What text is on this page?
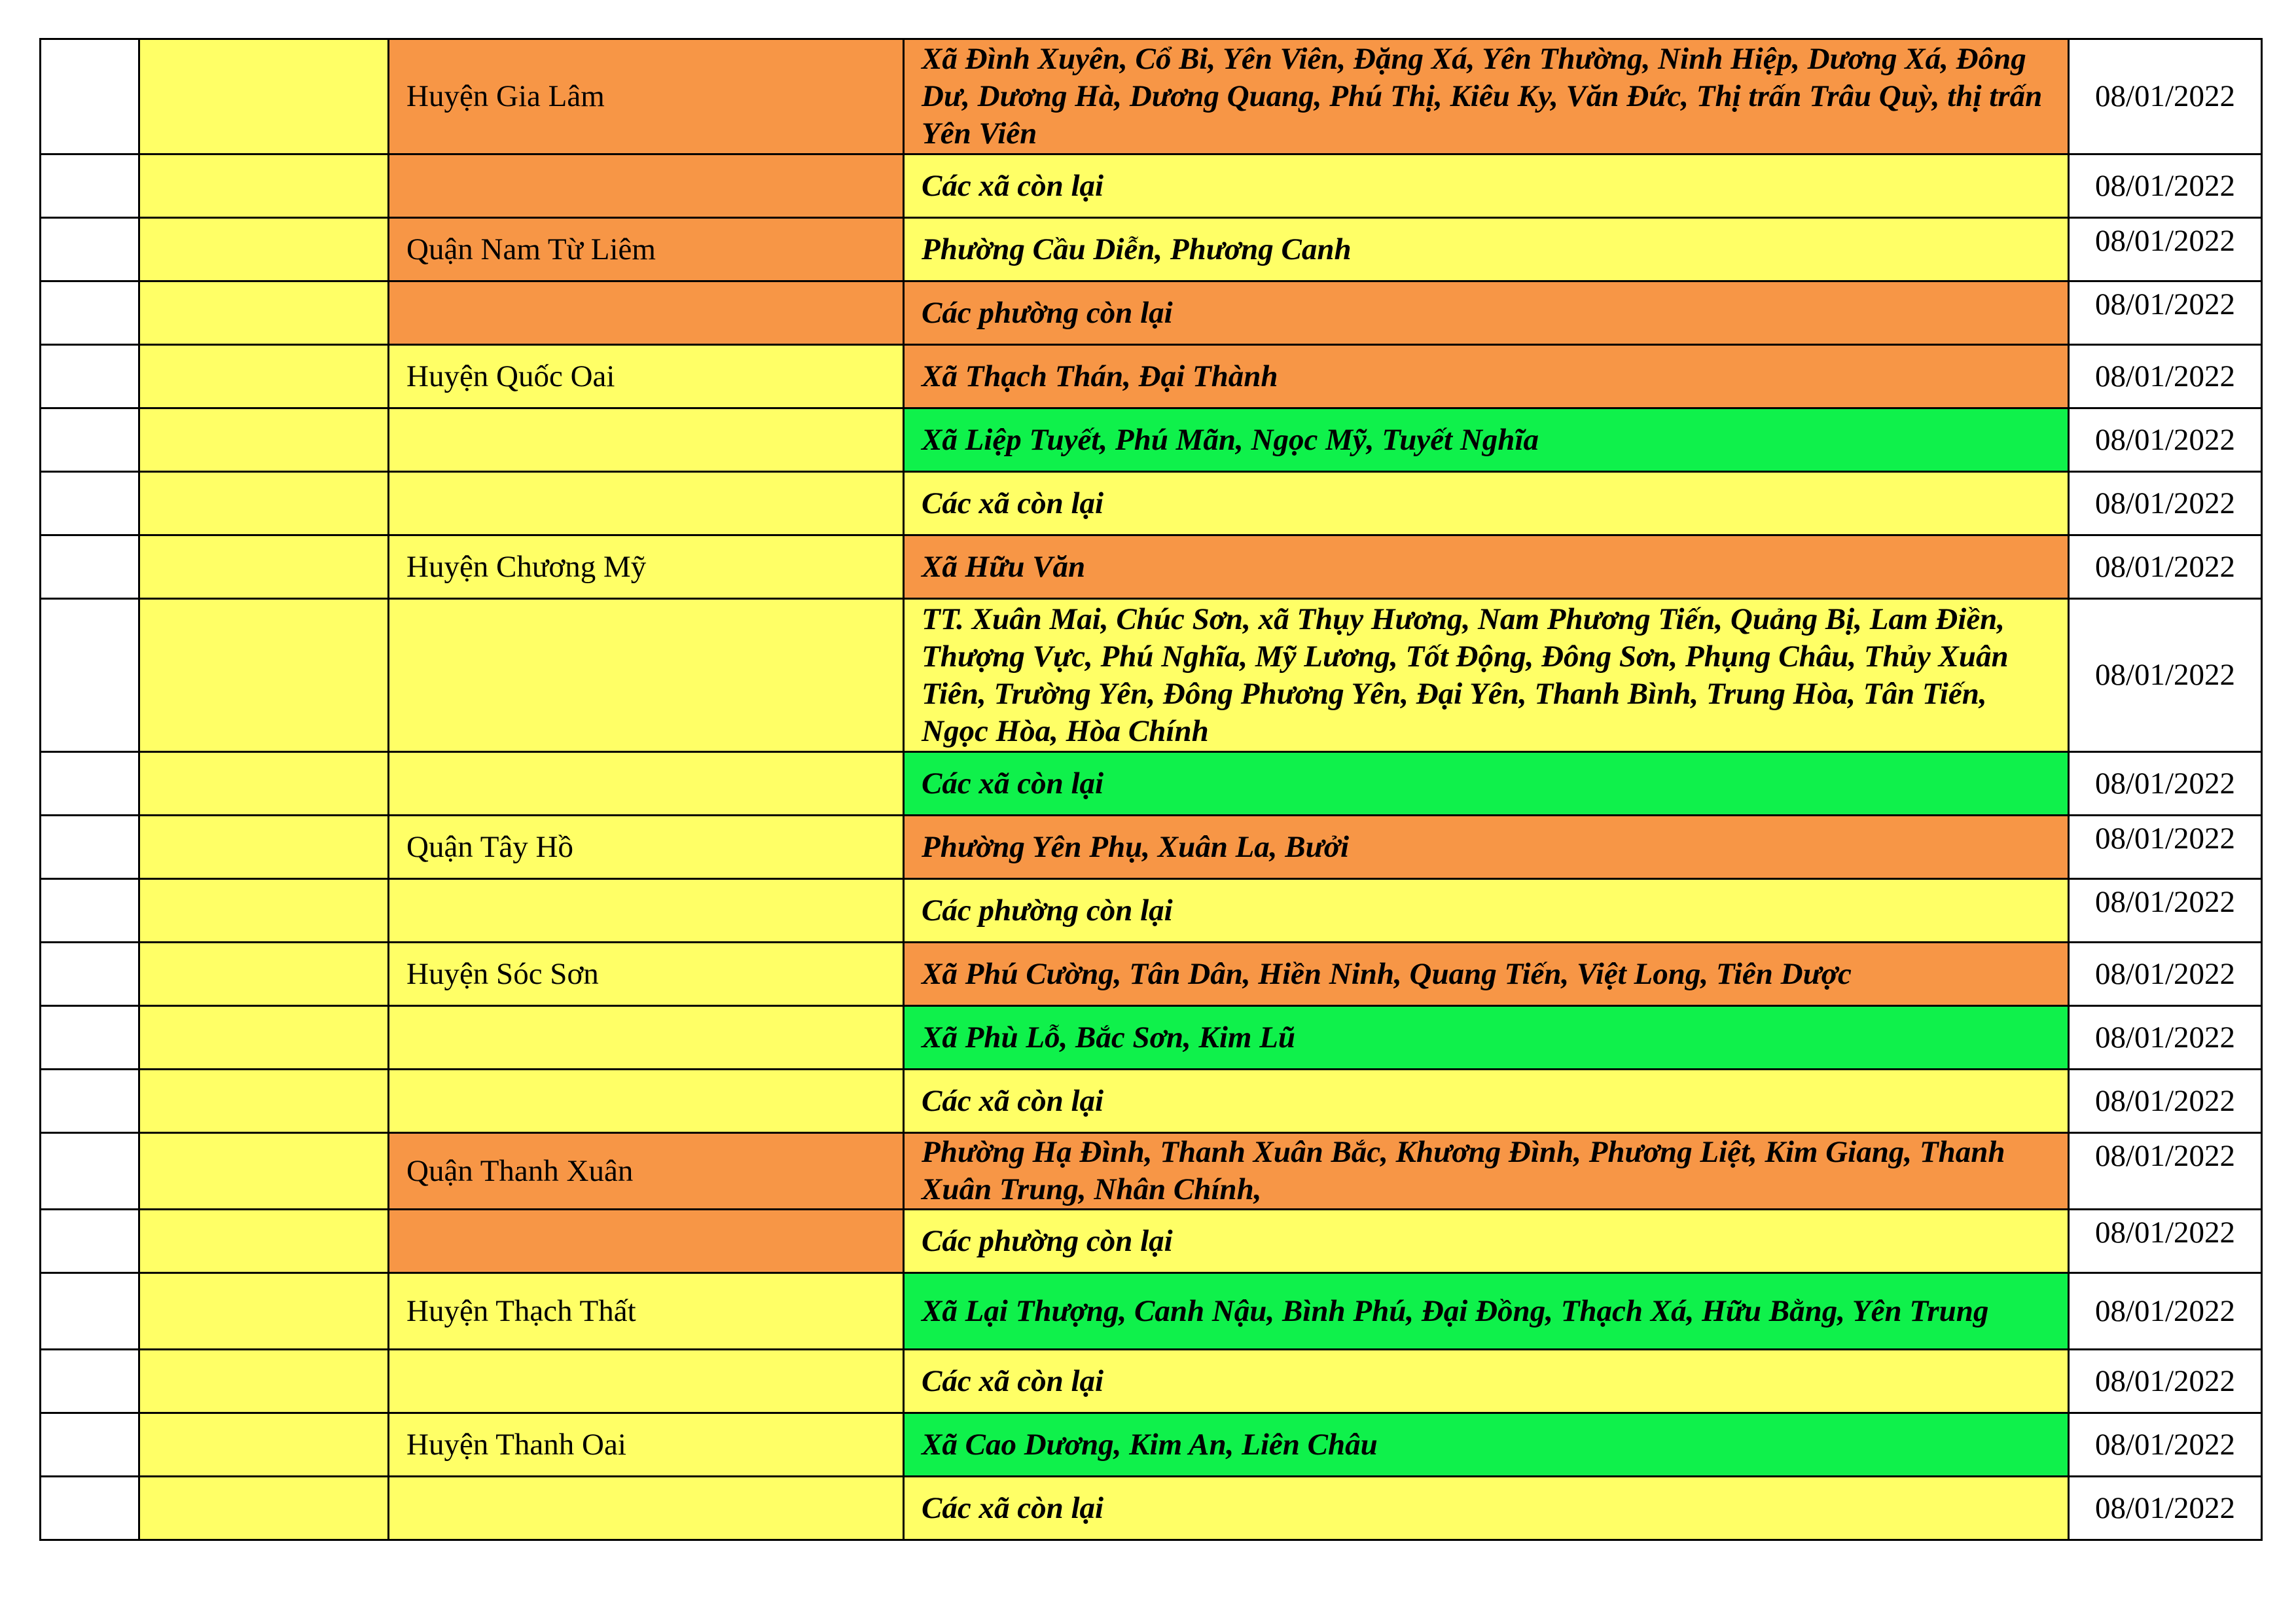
		Huyện Gia Lâm	Xã Đình Xuyên, Cổ Bi, Yên Viên, Đặng Xá, Yên Thường, Ninh Hiệp, Dương Xá, Đông Dư, Dương Hà, Dương Quang, Phú Thị, Kiêu Ky, Văn Đức, Thị trấn Trâu Quỳ, thị trấn Yên Viên	08/01/2022
			Các xã còn lại	08/01/2022
		Quận Nam Từ Liêm	Phường Cầu Diễn, Phương Canh	08/01/2022
			Các phường còn lại	08/01/2022
		Huyện Quốc Oai	Xã Thạch Thán, Đại Thành	08/01/2022
			Xã Liệp Tuyết, Phú Mãn, Ngọc Mỹ, Tuyết Nghĩa	08/01/2022
			Các xã còn lại	08/01/2022
		Huyện Chương Mỹ	Xã Hữu Văn	08/01/2022
			TT. Xuân Mai, Chúc Sơn, xã Thụy Hương, Nam Phương Tiến, Quảng Bị, Lam Điền, Thượng Vực, Phú Nghĩa, Mỹ Lương, Tốt Động, Đông Sơn, Phụng Châu, Thủy Xuân Tiên, Trường Yên, Đông Phương Yên, Đại Yên, Thanh Bình, Trung Hòa, Tân Tiến, Ngọc Hòa, Hòa Chính	08/01/2022
			Các xã còn lại	08/01/2022
		Quận Tây Hồ	Phường Yên Phụ, Xuân La, Bưởi	08/01/2022
			Các phường còn lại	08/01/2022
		Huyện Sóc Sơn	Xã Phú Cường, Tân Dân, Hiền Ninh, Quang Tiến, Việt Long, Tiên Dược	08/01/2022
			Xã Phù Lỗ, Bắc Sơn, Kim Lũ	08/01/2022
			Các xã còn lại	08/01/2022
		Quận Thanh Xuân	Phường Hạ Đình, Thanh Xuân Bắc, Khương Đình, Phương Liệt, Kim Giang, Thanh Xuân Trung, Nhân Chính,	08/01/2022
			Các phường còn lại	08/01/2022
		Huyện Thạch Thất	Xã Lại Thượng, Canh Nậu, Bình Phú, Đại Đồng, Thạch Xá, Hữu Bằng, Yên Trung	08/01/2022
			Các xã còn lại	08/01/2022
		Huyện Thanh Oai	Xã Cao Dương, Kim An, Liên Châu	08/01/2022
			Các xã còn lại	08/01/2022
